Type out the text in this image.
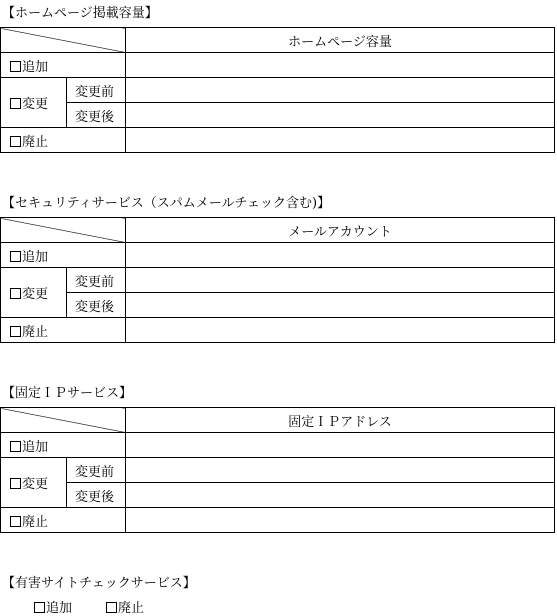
【ホームページ掲載容量】
		ホームページ容量
追加		
変更	変更前	
	変更後	
廃止		
【セキュリティサービス（スパムメールチェック含む)】
		メールアカウント
追加		
変更	変更前	
	変更後	
廃止		
【固定ＩＰサービス】
		固定ＩＰアドレス
追加		
変更	変更前	
	変更後	
廃止		
【有害サイトチェックサービス】
追加	廃止
